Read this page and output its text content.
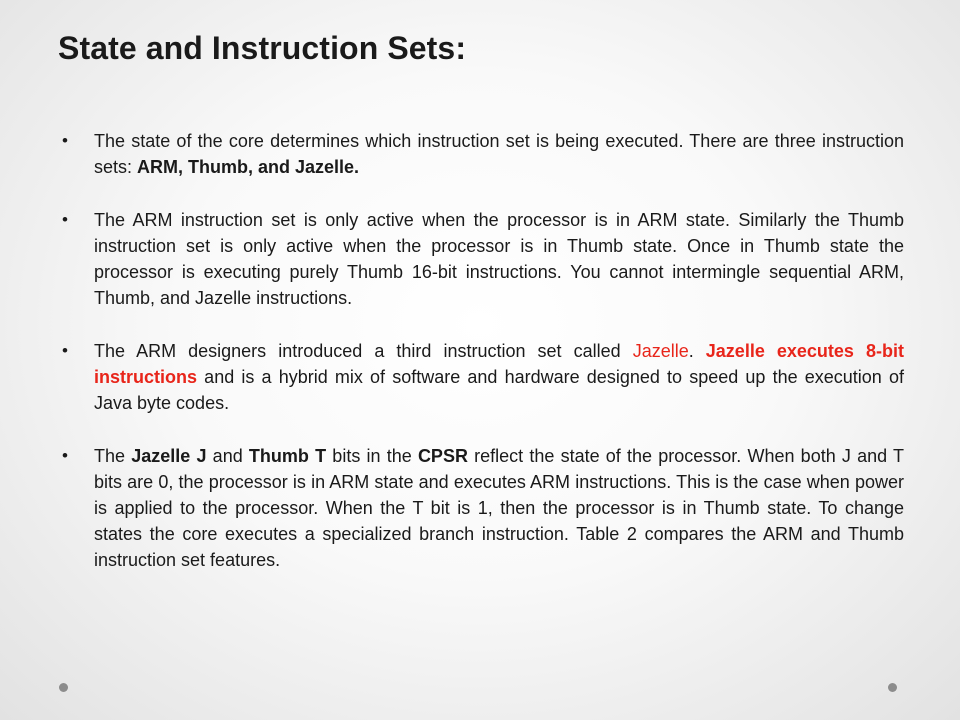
State and Instruction Sets:
• The state of the core determines which instruction set is being executed. There are three instruction sets: ARM, Thumb, and Jazelle.
• The ARM instruction set is only active when the processor is in ARM state. Similarly the Thumb instruction set is only active when the processor is in Thumb state. Once in Thumb state the processor is executing purely Thumb 16-bit instructions. You cannot intermingle sequential ARM, Thumb, and Jazelle instructions.
• The ARM designers introduced a third instruction set called Jazelle. Jazelle executes 8-bit instructions and is a hybrid mix of software and hardware designed to speed up the execution of Java byte codes.
• The Jazelle J and Thumb T bits in the CPSR reflect the state of the processor. When both J and T bits are 0, the processor is in ARM state and executes ARM instructions. This is the case when power is applied to the processor. When the T bit is 1, then the processor is in Thumb state. To change states the core executes a specialized branch instruction. Table 2 compares the ARM and Thumb instruction set features.
